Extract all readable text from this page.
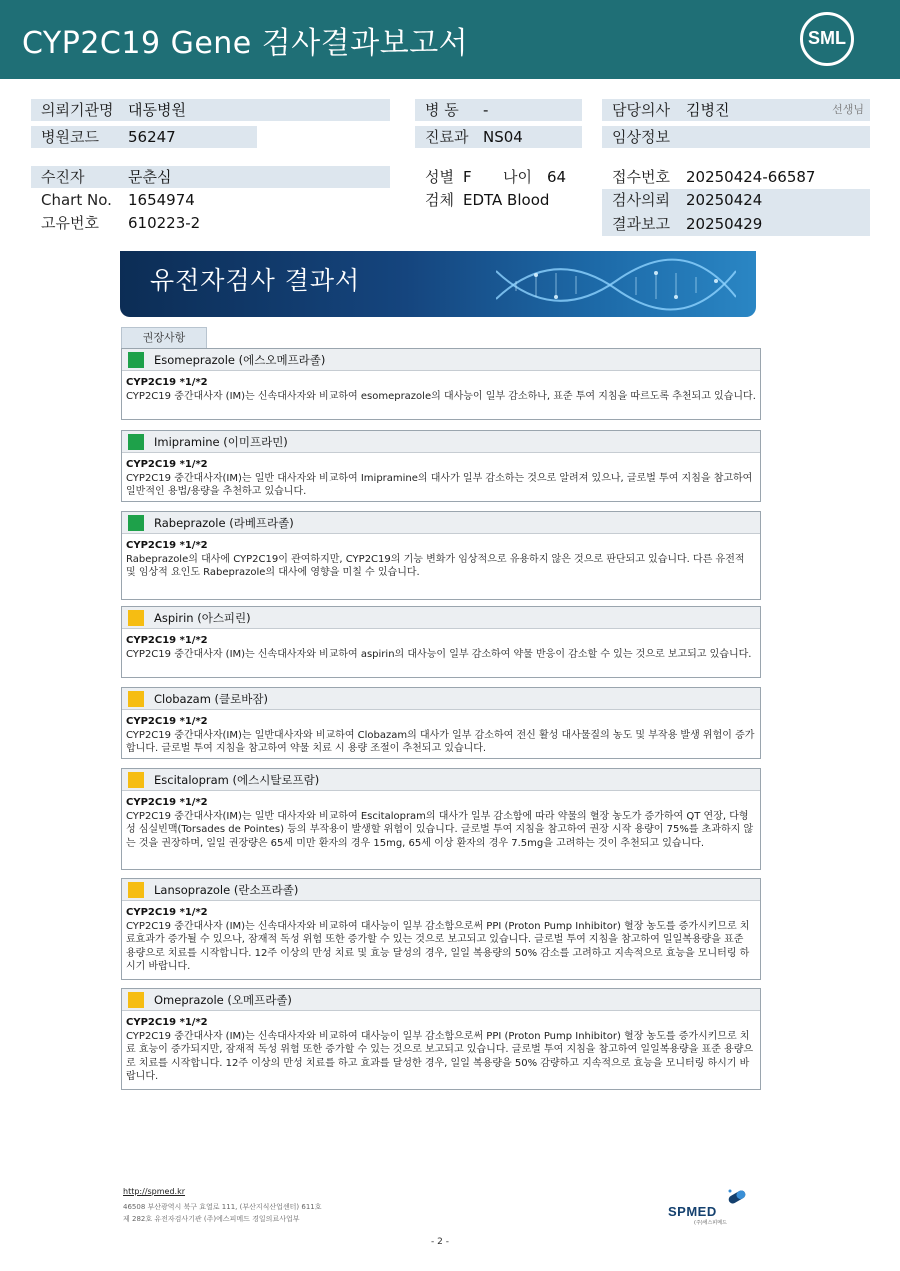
CYP2C19 Gene 검사결과보고서	SML
의뢰기관명 대동병원
병원코드 56247
병 동 -
진료과 NS04
담당의사 김병진	선생님
임상정보
수진자	문춘심
Chart No. 1654974
고유번호 610223-2
성별 F 나이 64
검체 EDTA Blood
접수번호 20250424-66587
검사의뢰 20250424
결과보고 20250429
유전자검사 결과서
권장사항
Esomeprazole (에스오메프라졸)
CYP2C19 *1/*2
CYP2C19 중간대사자 (IM)는 신속대사자와 비교하여 esomeprazole의 대사능이 일부 감소하나, 표준 투여 지침을 따르도록 추천되고 있습니다.
Imipramine (이미프라민)
CYP2C19 *1/*2
CYP2C19 중간대사자(IM)는 일반 대사자와 비교하여 Imipramine의 대사가 일부 감소하는 것으로 알려져 있으나, 글로벌 투여 지침을 참고하여 일반적인 용법/용량을 추천하고 있습니다.
Rabeprazole (라베프라졸)
CYP2C19 *1/*2
Rabeprazole의 대사에 CYP2C19이 관여하지만, CYP2C19의 기능 변화가 임상적으로 유용하지 않은 것으로 판단되고 있습니다. 다른 유전적 및 임상적 요인도 Rabeprazole의 대사에 영향을 미칠 수 있습니다.
Aspirin (아스피린)
CYP2C19 *1/*2
CYP2C19 중간대사자 (IM)는 신속대사자와 비교하여 aspirin의 대사능이 일부 감소하여 약물 반응이 감소할 수 있는 것으로 보고되고 있습니다.
Clobazam (클로바잠)
CYP2C19 *1/*2
CYP2C19 중간대사자(IM)는 일반대사자와 비교하여 Clobazam의 대사가 일부 감소하여 전신 활성 대사물질의 농도 및 부작용 발생 위험이 증가합니다. 글로벌 투여 지침을 참고하여 약물 치료 시 용량 조절이 추천되고 있습니다.
Escitalopram (에스시탈로프람)
CYP2C19 *1/*2
CYP2C19 중간대사자(IM)는 일반 대사자와 비교하여 Escitalopram의 대사가 일부 감소함에 따라 약물의 혈장 농도가 증가하여 QT 연장, 다형성 심실빈맥(Torsades de Pointes) 등의 부작용이 발생할 위험이 있습니다. 글로벌 투여 지침을 참고하여 권장 시작 용량이 75%를 초과하지 않는 것을 권장하며, 일일 권장량은 65세 미만 환자의 경우 15mg, 65세 이상 환자의 경우 7.5mg을 고려하는 것이 추천되고 있습니다.
Lansoprazole (란소프라졸)
CYP2C19 *1/*2
CYP2C19 중간대사자 (IM)는 신속대사자와 비교하여 대사능이 일부 감소함으로써 PPI (Proton Pump Inhibitor) 혈장 농도를 증가시키므로 치료효과가 증가될 수 있으나, 잠재적 독성 위험 또한 증가할 수 있는 것으로 보고되고 있습니다. 글로벌 투여 지침을 참고하여 일일복용량을 표준 용량으로 치료를 시작합니다. 12주 이상의 만성 치료 및 효능 달성의 경우, 일일 복용량의 50% 감소를 고려하고 지속적으로 효능을 모니터링 하시기 바랍니다.
Omeprazole (오메프라졸)
CYP2C19 *1/*2
CYP2C19 중간대사자 (IM)는 신속대사자와 비교하여 대사능이 일부 감소함으로써 PPI (Proton Pump Inhibitor) 혈장 농도를 증가시키므로 치료 효능이 증가되지만, 잠재적 독성 위험 또한 증가할 수 있는 것으로 보고되고 있습니다. 글로벌 투여 지침을 참고하여 일일복용량을 표준 용량으로 치료를 시작합니다. 12주 이상의 만성 치료를 하고 효과를 달성한 경우, 일일 복용량을 50% 감량하고 지속적으로 효능을 모니터링 하시기 바랍니다.
http://spmed.kr
46508 부산광역시 북구 효열로 111, (부산지식산업센터) 611호
제 282호 유전자검사기관 (주)에스피메드 경일의료사업부	SPMED
(주)에스피메드
- 2 -
